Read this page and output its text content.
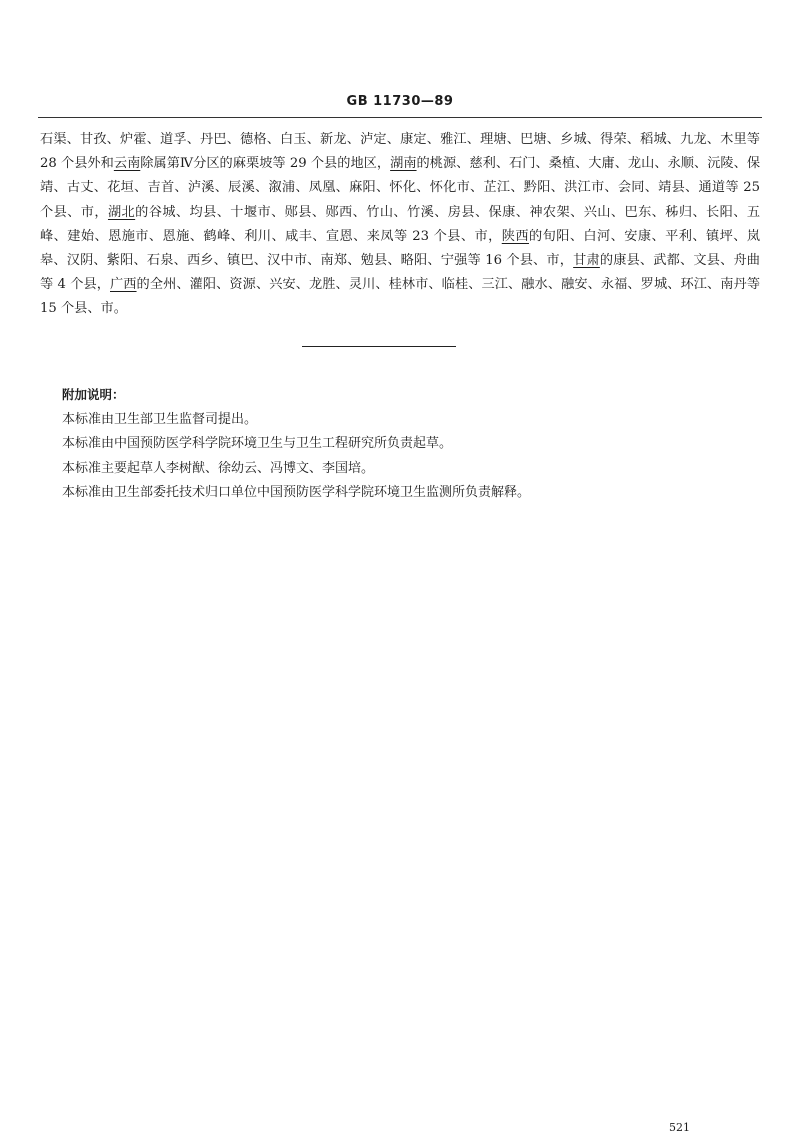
GB 11730—89
石渠、甘孜、炉霍、道孚、丹巴、德格、白玉、新龙、泸定、康定、雅江、理塘、巴塘、乡城、得荣、稻城、九龙、木里等 28 个县外和云南除属第Ⅳ分区的麻栗坡等 29 个县的地区，湖南的桃源、慈利、石门、桑植、大庸、龙山、永顺、沅陵、保靖、古丈、花垣、吉首、泸溪、辰溪、溆浦、凤凰、麻阳、怀化、怀化市、芷江、黔阳、洪江市、会同、靖县、通道等 25 个县、市，湖北的谷城、均县、十堰市、郧县、郧西、竹山、竹溪、房县、保康、神农架、兴山、巴东、秭归、长阳、五峰、建始、恩施市、恩施、鹤峰、利川、咸丰、宣恩、来凤等 23 个县、市，陕西的旬阳、白河、安康、平利、镇坪、岚皋、汉阴、紫阳、石泉、西乡、镇巴、汉中市、南郑、勉县、略阳、宁强等 16 个县、市，甘肃的康县、武都、文县、舟曲等 4 个县，广西的全州、灌阳、资源、兴安、龙胜、灵川、桂林市、临桂、三江、融水、融安、永福、罗城、环江、南丹等 15 个县、市。
附加说明：
本标准由卫生部卫生监督司提出。
本标准由中国预防医学科学院环境卫生与卫生工程研究所负责起草。
本标准主要起草人李树猷、徐幼云、冯博文、李国培。
本标准由卫生部委托技术归口单位中国预防医学科学院环境卫生监测所负责解释。
521
